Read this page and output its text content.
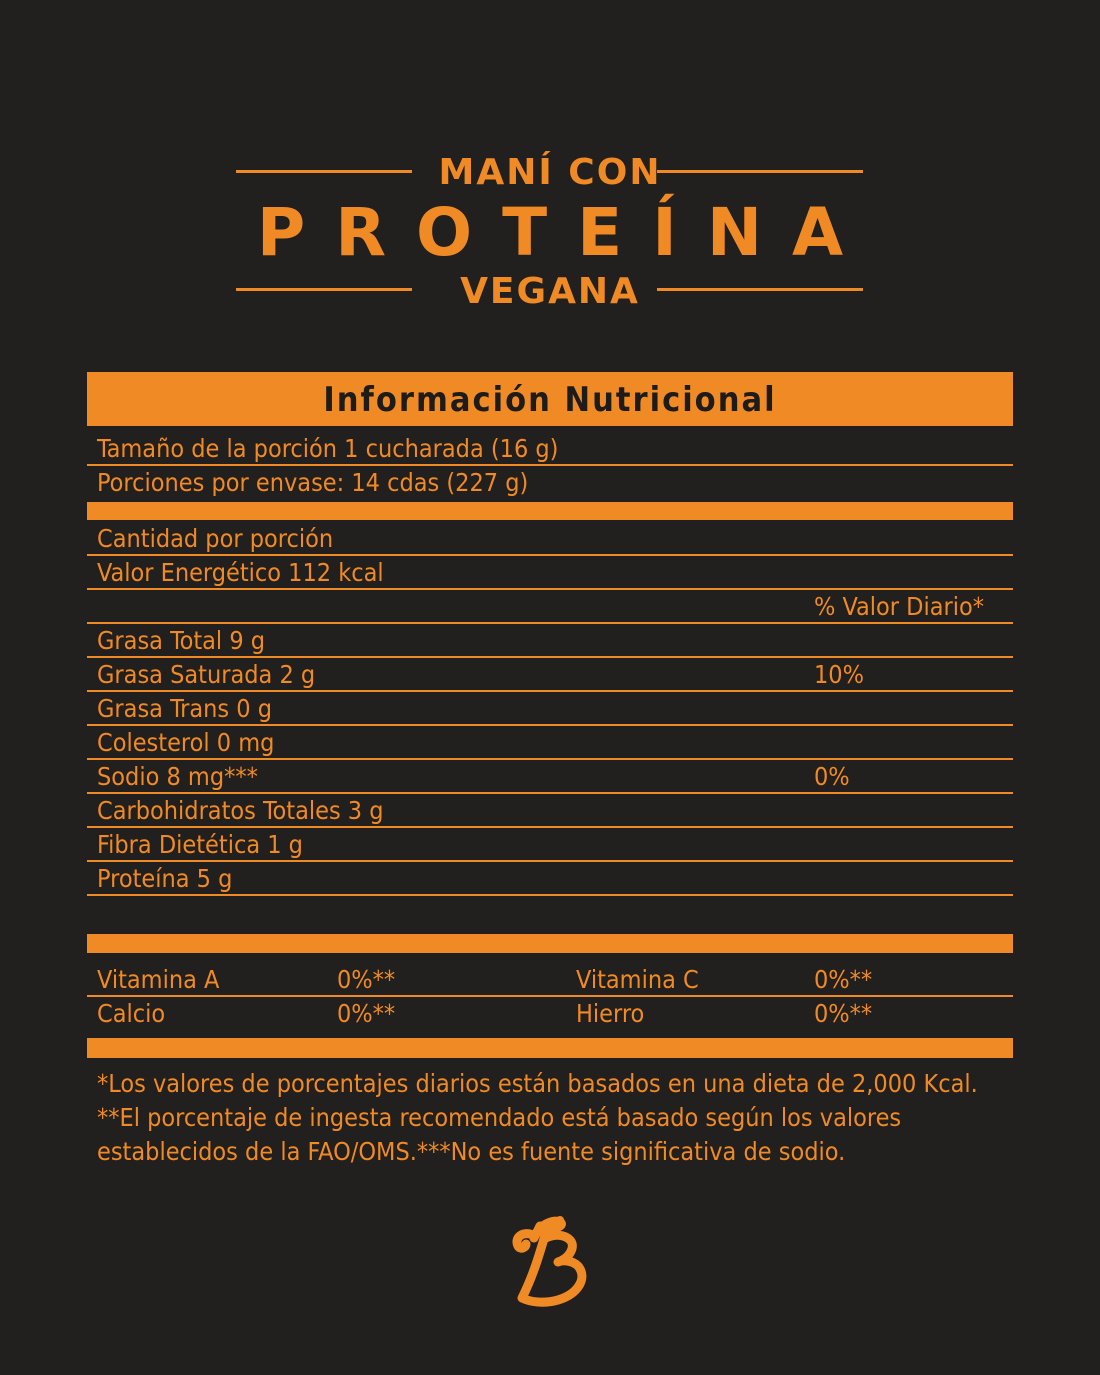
MANÍ CON
PROTEÍNA
VEGANA
Información Nutricional
Tamaño de la porción 1 cucharada (16 g)
Porciones por envase: 14 cdas (227 g)
Cantidad por porción
Valor Energético 112 kcal
% Valor Diario*
Grasa Total 9 g
Grasa Saturada 2 g	10%
Grasa Trans 0 g
Colesterol 0 mg
Sodio 8 mg***	0%
Carbohidratos Totales 3 g
Fibra Dietética 1 g
Proteína 5 g
Vitamina A	0%**	Vitamina C	0%**
Calcio	0%**	Hierro	0%**
*Los valores de porcentajes diarios están basados en una dieta de 2,000 Kcal. **El porcentaje de ingesta recomendado está basado según los valores establecidos de la FAO/OMS.***No es fuente significativa de sodio.
